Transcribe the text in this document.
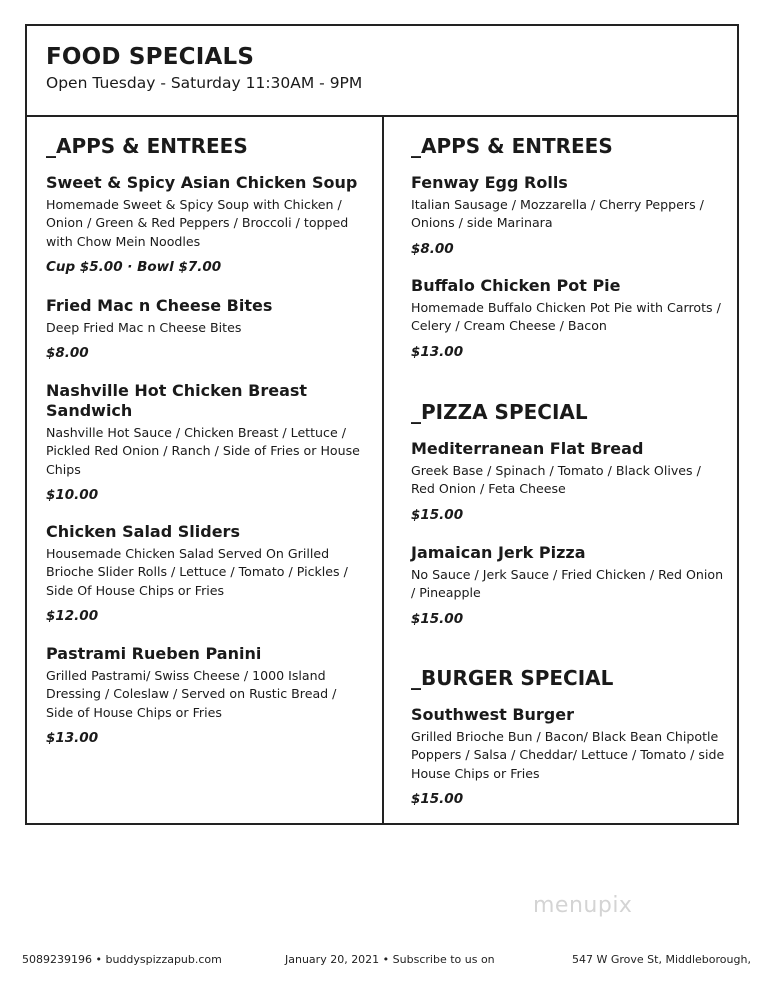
FOOD SPECIALS
Open Tuesday - Saturday 11:30AM - 9PM
_APPS & ENTREES
Sweet & Spicy Asian Chicken Soup
Homemade Sweet & Spicy Soup with Chicken / Onion / Green & Red Peppers / Broccoli / topped with Chow Mein Noodles
Cup $5.00 · Bowl $7.00
Fried Mac n Cheese Bites
Deep Fried Mac n Cheese Bites
$8.00
Nashville Hot Chicken Breast Sandwich
Nashville Hot Sauce / Chicken Breast / Lettuce / Pickled Red Onion / Ranch / Side of Fries or House Chips
$10.00
Chicken Salad Sliders
Housemade Chicken Salad Served On Grilled Brioche Slider Rolls / Lettuce / Tomato / Pickles / Side Of House Chips or Fries
$12.00
Pastrami Rueben Panini
Grilled Pastrami/ Swiss Cheese / 1000 Island Dressing / Coleslaw / Served on Rustic Bread / Side of House Chips or Fries
$13.00
_APPS & ENTREES
Fenway Egg Rolls
Italian Sausage / Mozzarella / Cherry Peppers / Onions / side Marinara
$8.00
Buffalo Chicken Pot Pie
Homemade Buffalo Chicken Pot Pie with Carrots / Celery / Cream Cheese / Bacon
$13.00
_PIZZA SPECIAL
Mediterranean Flat Bread
Greek Base / Spinach / Tomato / Black Olives / Red Onion / Feta Cheese
$15.00
Jamaican Jerk Pizza
No Sauce / Jerk Sauce / Fried Chicken / Red Onion / Pineapple
$15.00
_BURGER SPECIAL
Southwest Burger
Grilled Brioche Bun / Bacon/ Black Bean Chipotle Poppers / Salsa / Cheddar/ Lettuce / Tomato / side House Chips or Fries
$15.00
menupix
5089239196 • buddyspizzapub.com	January 20, 2021 • Subscribe to us on	547 W Grove St, Middleborough,
